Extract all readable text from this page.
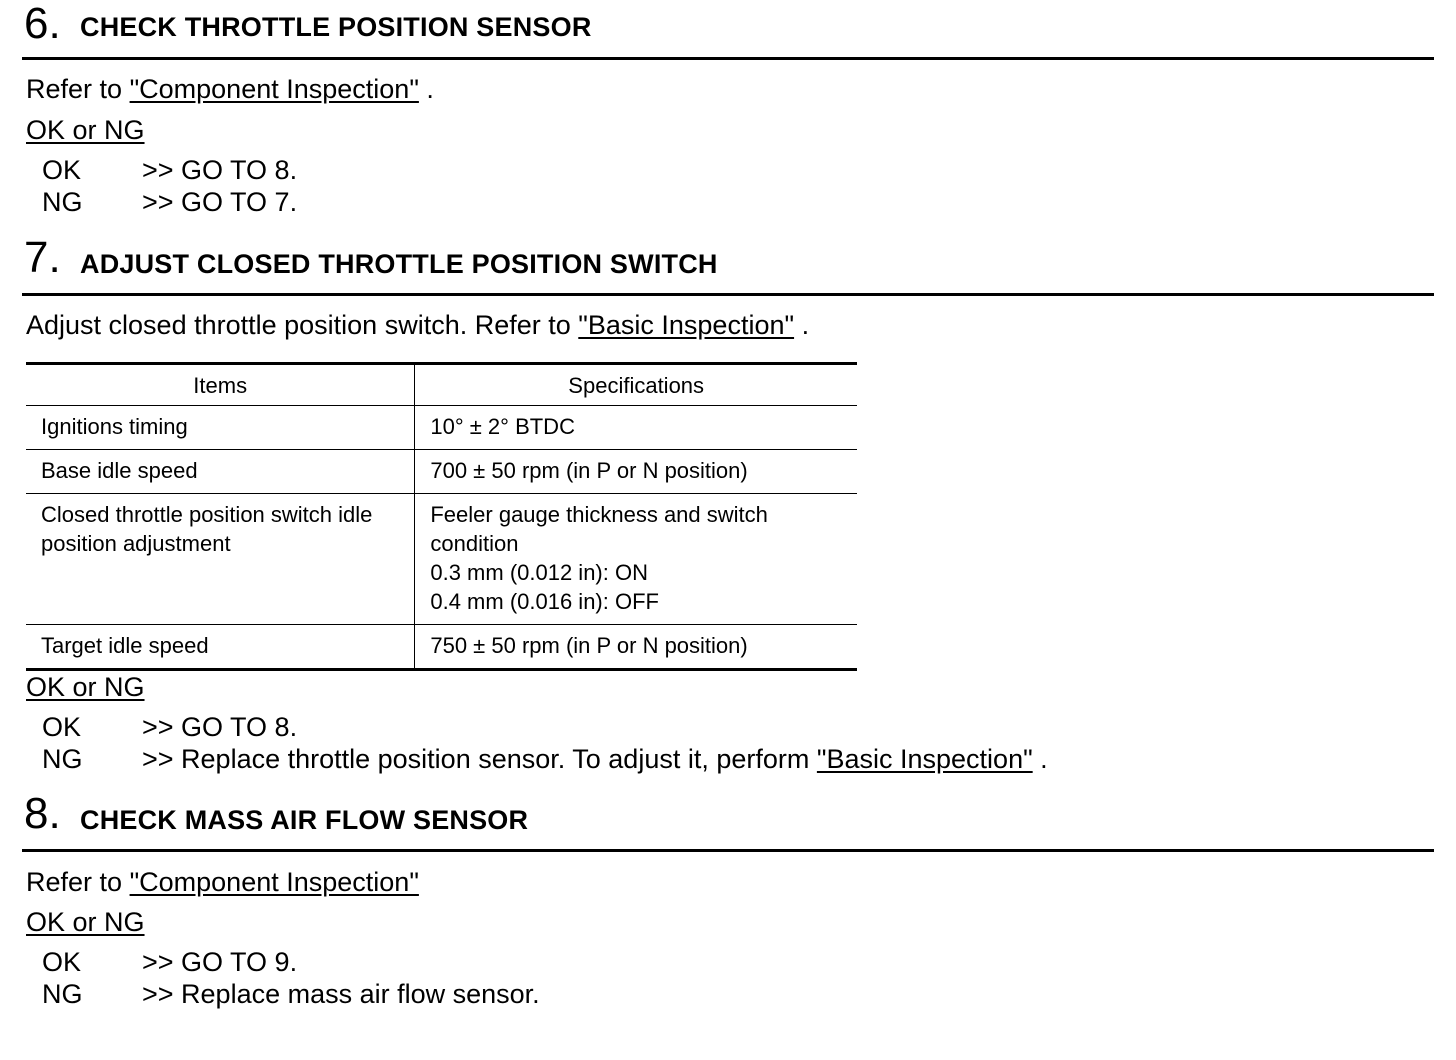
6. CHECK THROTTLE POSITION SENSOR
Refer to "Component Inspection" .
OK or NG
OK >> GO TO 8.
NG >> GO TO 7.
7. ADJUST CLOSED THROTTLE POSITION SWITCH
Adjust closed throttle position switch. Refer to "Basic Inspection" .
Items	Specifications

Ignitions timing	10° ± 2° BTDC

Base idle speed	700 ± 50 rpm (in P or N position)

Closed throttle position switch idle
position adjustment	Feeler gauge thickness and switch
condition
0.3 mm (0.012 in): ON
0.4 mm (0.016 in): OFF

Target idle speed	750 ± 50 rpm (in P or N position)
OK or NG
OK >> GO TO 8.
NG >> Replace throttle position sensor. To adjust it, perform "Basic Inspection" .
8. CHECK MASS AIR FLOW SENSOR
Refer to "Component Inspection"
OK or NG
OK >> GO TO 9.
NG >> Replace mass air flow sensor.
